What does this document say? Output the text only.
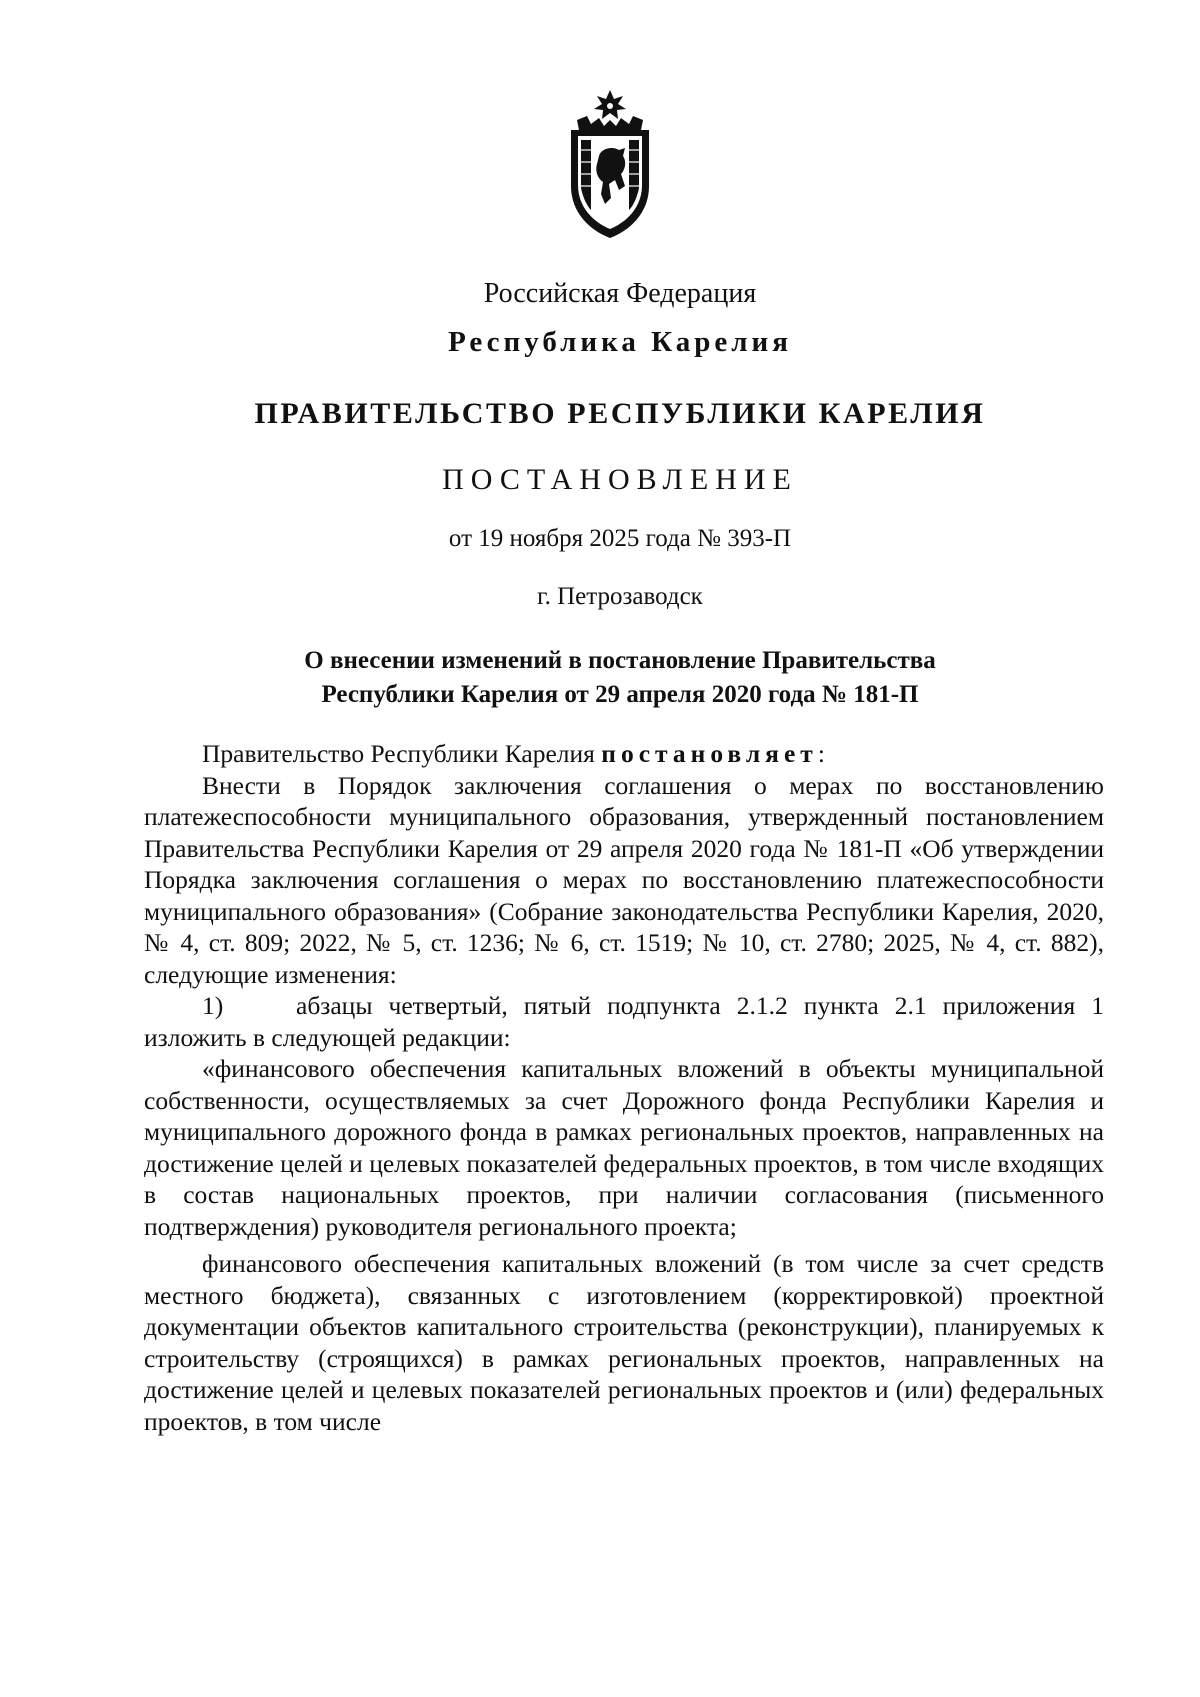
Российская Федерация

Республика Карелия

ПРАВИТЕЛЬСТВО РЕСПУБЛИКИ КАРЕЛИЯ

ПОСТАНОВЛЕНИЕ

от 19 ноября 2025 года № 393-П

г. Петрозаводск

О внесении изменений в постановление Правительства
Республики Карелия от 29 апреля 2020 года № 181-П

Правительство Республики Карелия постановляет:

Внести в Порядок заключения соглашения о мерах по восстановлению платежеспособности муниципального образования, утвержденный постановлением Правительства Республики Карелия от 29 апреля 2020 года № 181-П «Об утверждении Порядка заключения соглашения о мерах по восстановлению платежеспособности муниципального образования» (Собрание законодательства Республики Карелия, 2020, № 4, ст. 809; 2022, № 5, ст. 1236; № 6, ст. 1519; № 10, ст. 2780; 2025, № 4, ст. 882), следующие изменения:

1)	абзацы четвертый, пятый подпункта 2.1.2 пункта 2.1 приложения 1 изложить в следующей редакции:

«финансового обеспечения капитальных вложений в объекты муниципальной собственности, осуществляемых за счет Дорожного фонда Республики Карелия и муниципального дорожного фонда в рамках региональных проектов, направленных на достижение целей и целевых показателей федеральных проектов, в том числе входящих в состав национальных проектов, при наличии согласования (письменного подтверждения) руководителя регионального проекта;

финансового обеспечения капитальных вложений (в том числе за счет средств местного бюджета), связанных с изготовлением (корректировкой) проектной документации объектов капитального строительства (реконструкции), планируемых к строительству (строящихся) в рамках региональных проектов, направленных на достижение целей и целевых показателей региональных проектов и (или) федеральных проектов, в том числе
